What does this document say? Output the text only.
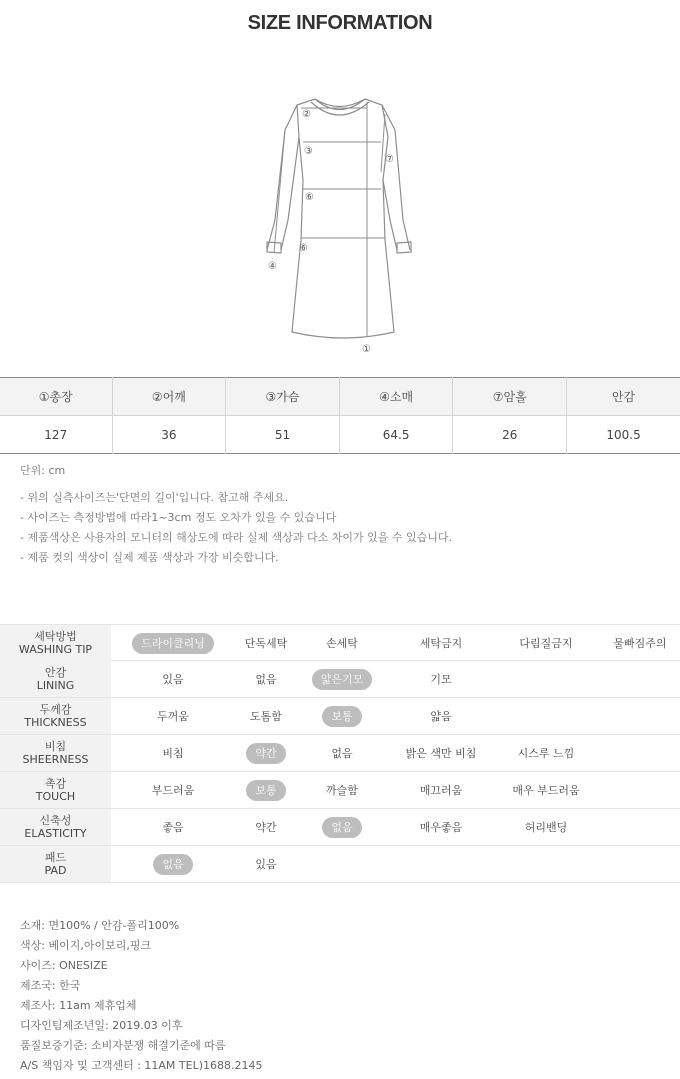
SIZE INFORMATION
②
③
⑦
⑥
⑥
④
①
①총장	②어깨	③가슴	④소매	⑦암홀	안감
127	36	51	64.5	26	100.5
단위: cm
- 위의 실측사이즈는'단면의 길이'입니다. 참고해 주세요.
- 사이즈는 측정방법에 따라1~3cm 정도 오차가 있을 수 있습니다
- 제품색상은 사용자의 모니터의 해상도에 따라 실제 색상과 다소 차이가 있을 수 있습니다.
- 제품 컷의 색상이 실제 제품 색상과 가장 비슷합니다.
세탁방법
WASHING TIP	드라이클리닝	단독세탁	손세탁	세탁금지	다림질금지	물빠짐주의
안감
LINING	있음	없음	얇은기모	기모
두께감
THICKNESS	두꺼움	도톰함	보통	얇음
비침
SHEERNESS	비침	약간	없음	밝은 색만 비침	시스루 느낌
촉감
TOUCH	부드러움	보통	까슬함	매끄러움	매우 부드러움
신축성
ELASTICITY	좋음	약간	없음	매우좋음	허리밴딩
패드
PAD	없음	있음
소재: 면100% / 안감-폴리100%
색상: 베이지,아이보리,핑크
사이즈: ONESIZE
제조국: 한국
제조사: 11am 제휴업체
디자인팀제조년일: 2019.03 이후
품질보증기준: 소비자분쟁 해결기준에 따름
A/S 책임자 및 고객센터 : 11AM TEL)1688.2145
